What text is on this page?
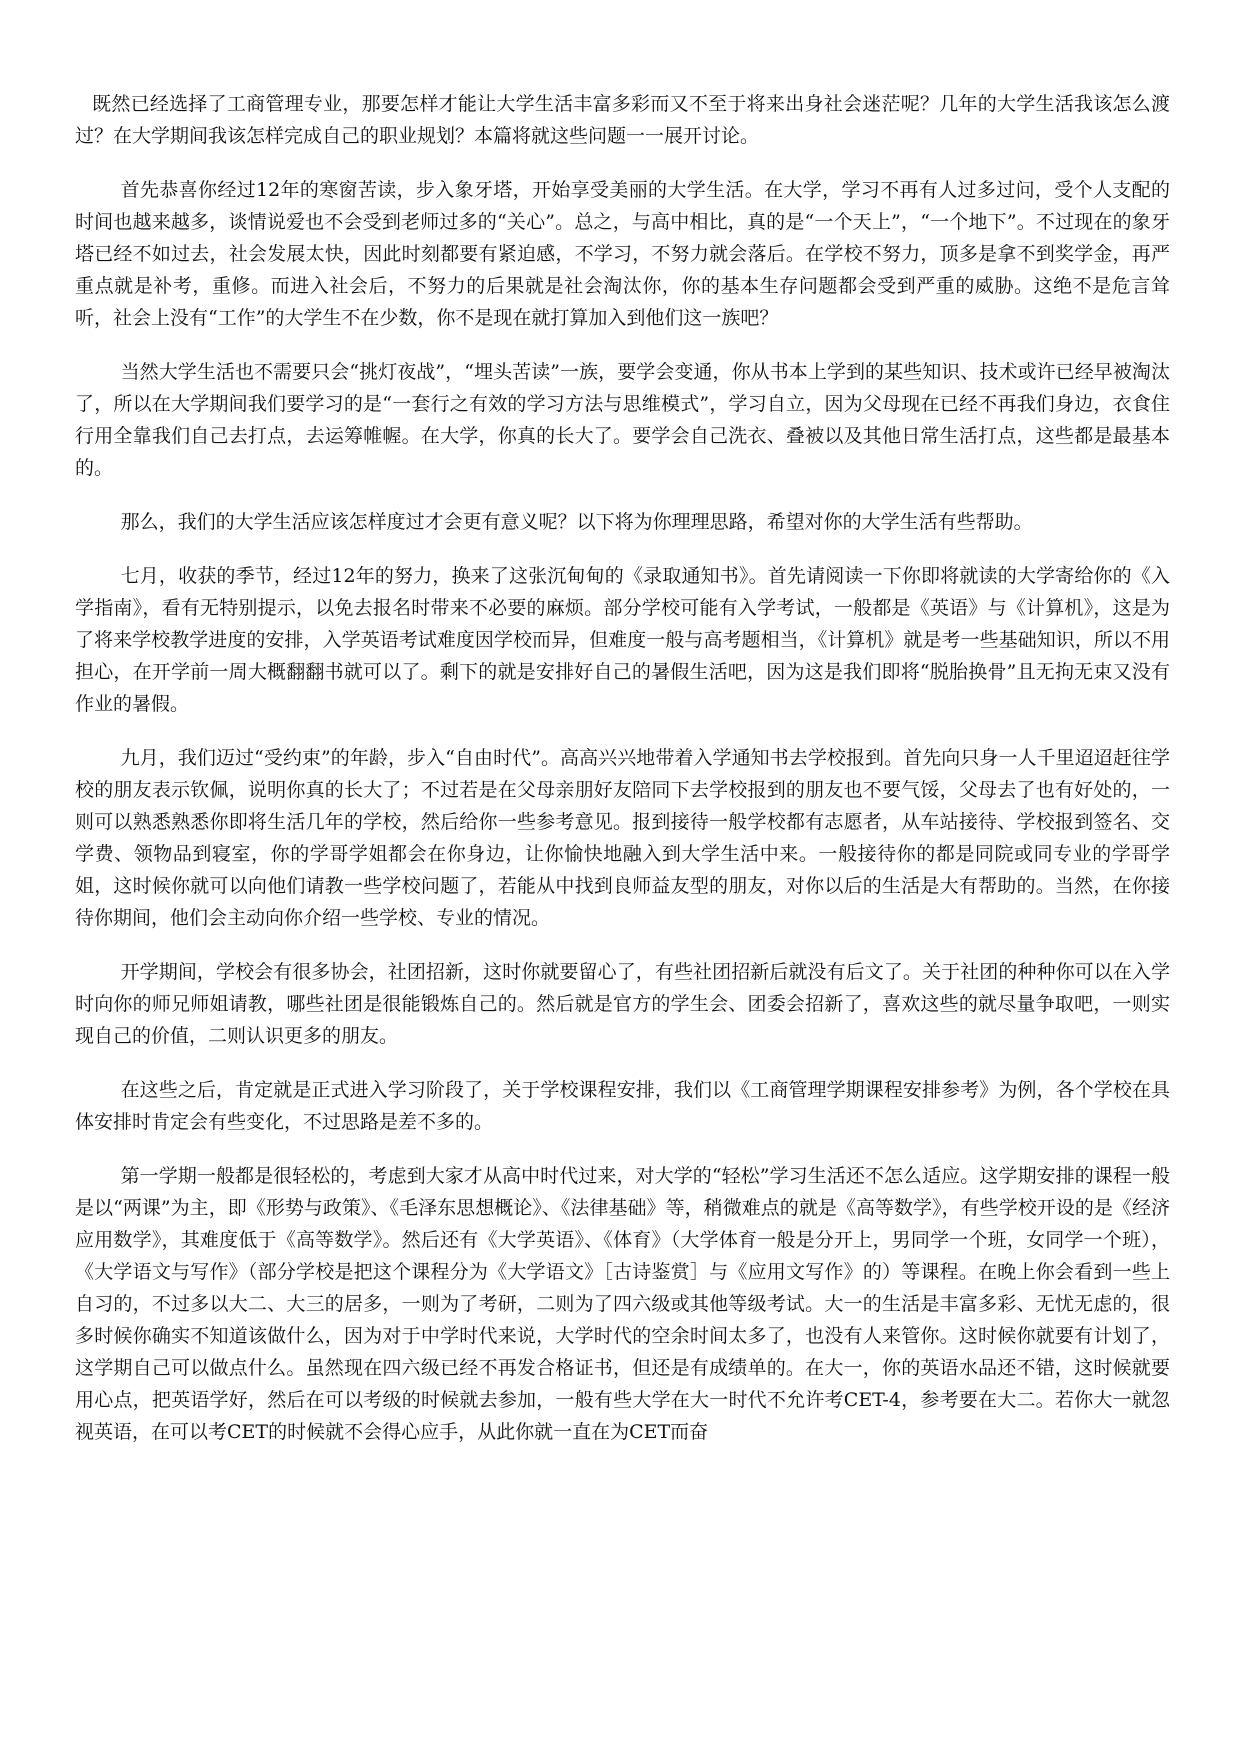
既然已经选择了工商管理专业，那要怎样才能让大学生活丰富多彩而又不至于将来出身社会迷茫呢？几年的大学生活我该怎么渡过？在大学期间我该怎样完成自己的职业规划？本篇将就这些问题一一展开讨论。

首先恭喜你经过12年的寒窗苦读，步入象牙塔，开始享受美丽的大学生活。在大学，学习不再有人过多过问，受个人支配的时间也越来越多，谈情说爱也不会受到老师过多的“关心”。总之，与高中相比，真的是“一个天上”，“一个地下”。不过现在的象牙塔已经不如过去，社会发展太快，因此时刻都要有紧迫感，不学习，不努力就会落后。在学校不努力，顶多是拿不到奖学金，再严重点就是补考，重修。而进入社会后，不努力的后果就是社会淘汰你，你的基本生存问题都会受到严重的威胁。这绝不是危言耸听，社会上没有“工作”的大学生不在少数，你不是现在就打算加入到他们这一族吧？

当然大学生活也不需要只会“挑灯夜战”，“埋头苦读”一族，要学会变通，你从书本上学到的某些知识、技术或许已经早被淘汰了，所以在大学期间我们要学习的是“一套行之有效的学习方法与思维模式”，学习自立，因为父母现在已经不再我们身边，衣食住行用全靠我们自己去打点，去运筹帷幄。在大学，你真的长大了。要学会自己洗衣、叠被以及其他日常生活打点，这些都是最基本的。

那么，我们的大学生活应该怎样度过才会更有意义呢？以下将为你理理思路，希望对你的大学生活有些帮助。

七月，收获的季节，经过12年的努力，换来了这张沉甸甸的《录取通知书》。首先请阅读一下你即将就读的大学寄给你的《入学指南》，看有无特别提示，以免去报名时带来不必要的麻烦。部分学校可能有入学考试，一般都是《英语》与《计算机》，这是为了将来学校教学进度的安排，入学英语考试难度因学校而异，但难度一般与高考题相当，《计算机》就是考一些基础知识，所以不用担心，在开学前一周大概翻翻书就可以了。剩下的就是安排好自己的暑假生活吧，因为这是我们即将“脱胎换骨”且无拘无束又没有作业的暑假。

九月，我们迈过“受约束”的年龄，步入“自由时代”。高高兴兴地带着入学通知书去学校报到。首先向只身一人千里迢迢赶往学校的朋友表示钦佩，说明你真的长大了；不过若是在父母亲朋好友陪同下去学校报到的朋友也不要气馁，父母去了也有好处的，一则可以熟悉熟悉你即将生活几年的学校，然后给你一些参考意见。报到接待一般学校都有志愿者，从车站接待、学校报到签名、交学费、领物品到寝室，你的学哥学姐都会在你身边，让你愉快地融入到大学生活中来。一般接待你的都是同院或同专业的学哥学姐，这时候你就可以向他们请教一些学校问题了，若能从中找到良师益友型的朋友，对你以后的生活是大有帮助的。当然，在你接待你期间，他们会主动向你介绍一些学校、专业的情况。

开学期间，学校会有很多协会，社团招新，这时你就要留心了，有些社团招新后就没有后文了。关于社团的种种你可以在入学时向你的师兄师姐请教，哪些社团是很能锻炼自己的。然后就是官方的学生会、团委会招新了，喜欢这些的就尽量争取吧，一则实现自己的价值，二则认识更多的朋友。

在这些之后，肯定就是正式进入学习阶段了，关于学校课程安排，我们以《工商管理学期课程安排参考》为例，各个学校在具体安排时肯定会有些变化，不过思路是差不多的。

第一学期一般都是很轻松的，考虑到大家才从高中时代过来，对大学的“轻松”学习生活还不怎么适应。这学期安排的课程一般是以“两课”为主，即《形势与政策》、《毛泽东思想概论》、《法律基础》等，稍微难点的就是《高等数学》，有些学校开设的是《经济应用数学》，其难度低于《高等数学》。然后还有《大学英语》、《体育》（大学体育一般是分开上，男同学一个班，女同学一个班），《大学语文与写作》（部分学校是把这个课程分为《大学语文》［古诗鉴赏］与《应用文写作》的）等课程。在晚上你会看到一些上自习的，不过多以大二、大三的居多，一则为了考研，二则为了四六级或其他等级考试。大一的生活是丰富多彩、无忧无虑的，很多时候你确实不知道该做什么，因为对于中学时代来说，大学时代的空余时间太多了，也没有人来管你。这时候你就要有计划了，这学期自己可以做点什么。虽然现在四六级已经不再发合格证书，但还是有成绩单的。在大一，你的英语水品还不错，这时候就要用心点，把英语学好，然后在可以考级的时候就去参加，一般有些大学在大一时代不允许考CET-4，参考要在大二。若你大一就忽视英语，在可以考CET的时候就不会得心应手，从此你就一直在为CET而奋
